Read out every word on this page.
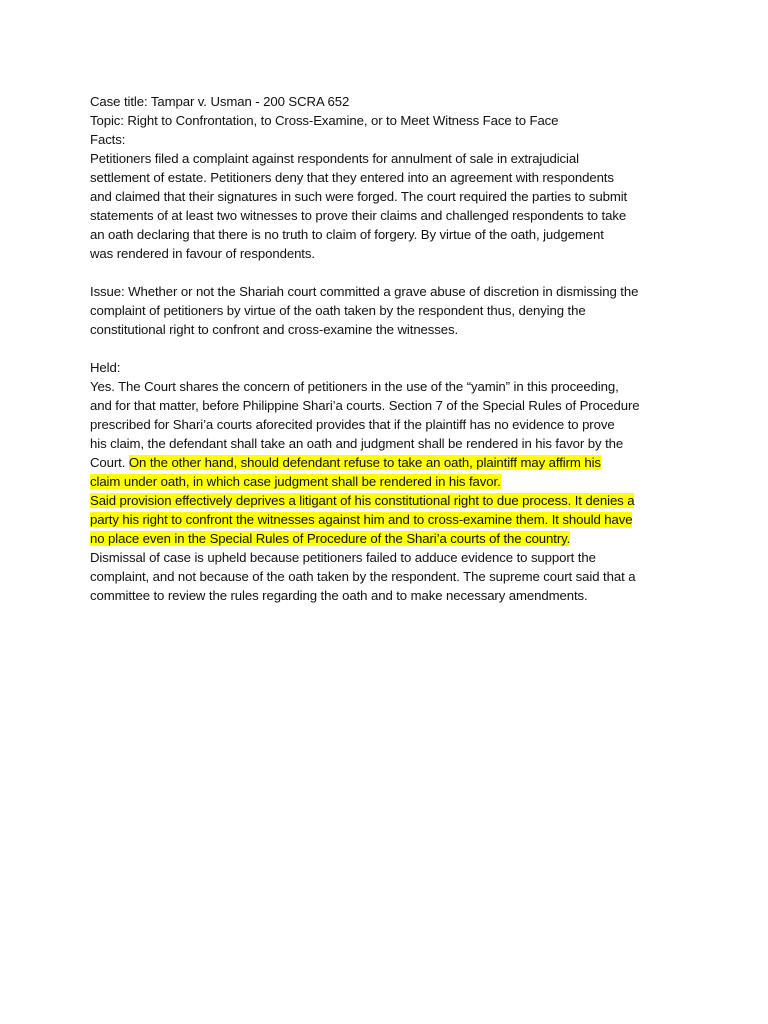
Case title: Tampar v. Usman - 200 SCRA 652
Topic: Right to Confrontation, to Cross-Examine, or to Meet Witness Face to Face
Facts:
Petitioners filed a complaint against respondents for annulment of sale in extrajudicial
settlement of estate. Petitioners deny that they entered into an agreement with respondents
and claimed that their signatures in such were forged. The court required the parties to submit
statements of at least two witnesses to prove their claims and challenged respondents to take
an oath declaring that there is no truth to claim of forgery. By virtue of the oath, judgement
was rendered in favour of respondents.
Issue: Whether or not the Shariah court committed a grave abuse of discretion in dismissing the
complaint of petitioners by virtue of the oath taken by the respondent thus, denying the
constitutional right to confront and cross-examine the witnesses.
Held:
Yes. The Court shares the concern of petitioners in the use of the “yamin” in this proceeding,
and for that matter, before Philippine Shari’a courts. Section 7 of the Special Rules of Procedure
prescribed for Shari’a courts aforecited provides that if the plaintiff has no evidence to prove
his claim, the defendant shall take an oath and judgment shall be rendered in his favor by the
Court. On the other hand, should defendant refuse to take an oath, plaintiff may affirm his
claim under oath, in which case judgment shall be rendered in his favor.
Said provision effectively deprives a litigant of his constitutional right to due process. It denies a
party his right to confront the witnesses against him and to cross-examine them. It should have
no place even in the Special Rules of Procedure of the Shari’a courts of the country.
Dismissal of case is upheld because petitioners failed to adduce evidence to support the
complaint, and not because of the oath taken by the respondent. The supreme court said that a
committee to review the rules regarding the oath and to make necessary amendments.
